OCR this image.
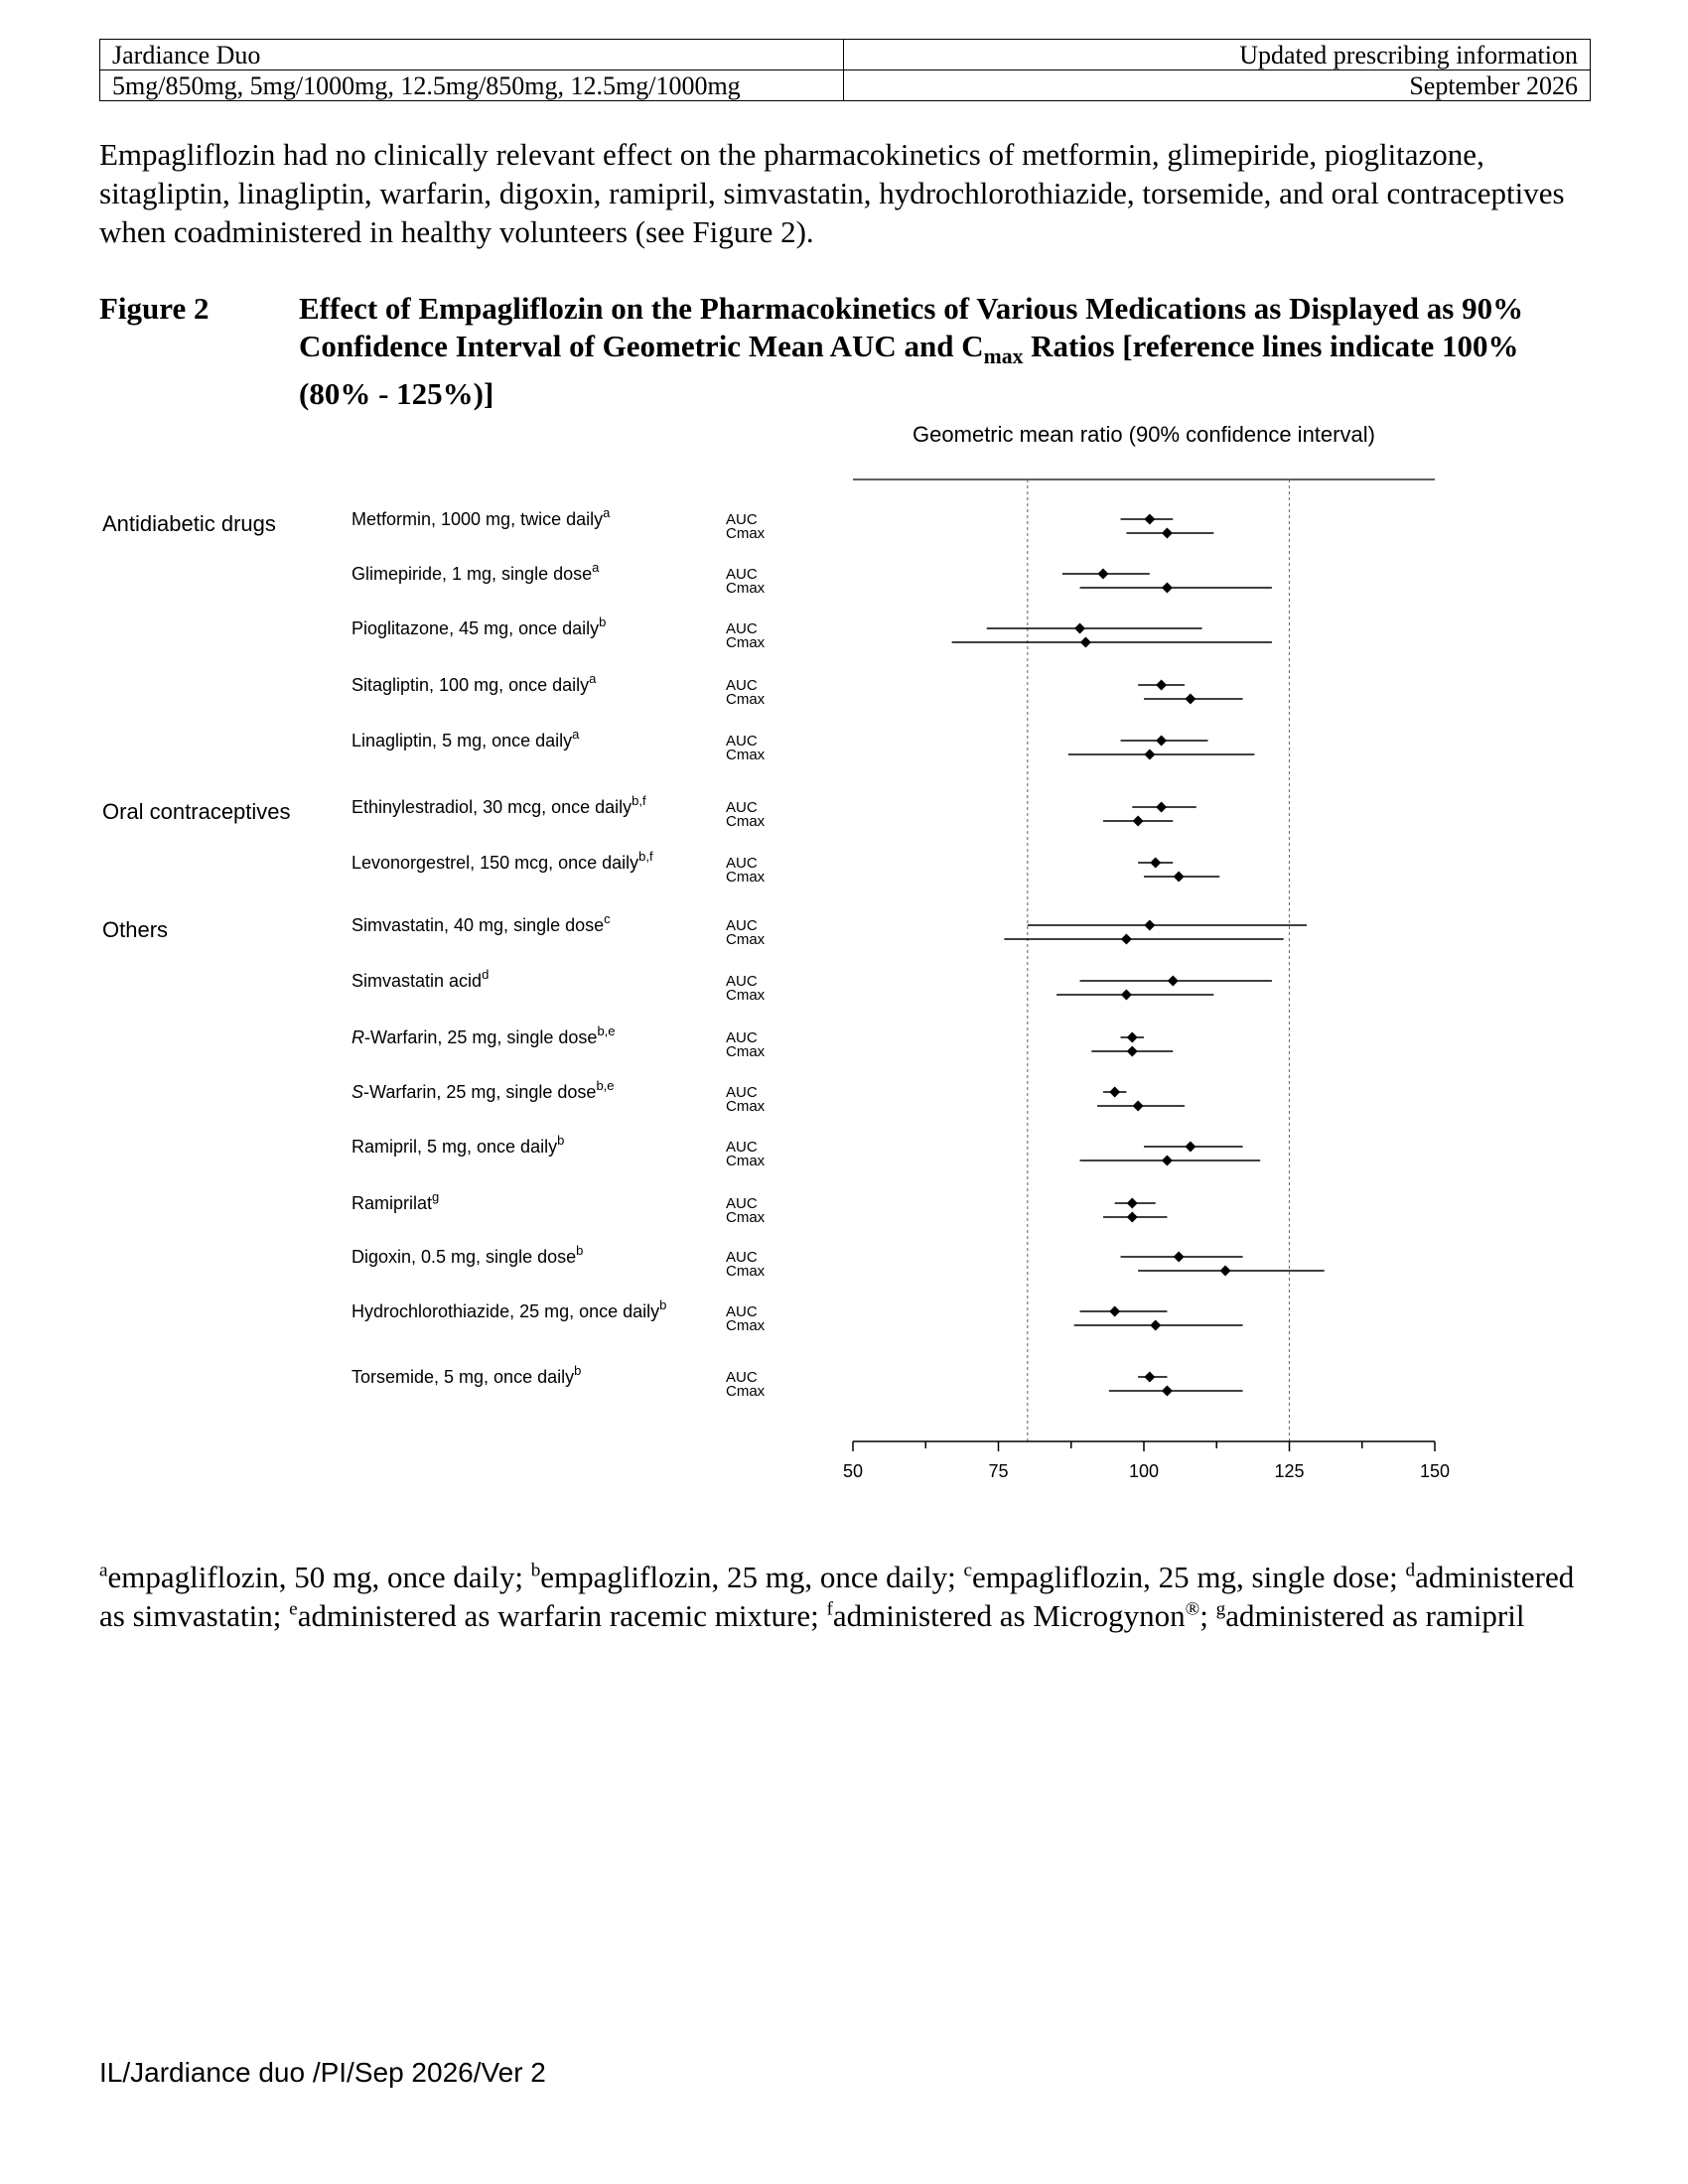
Jardiance Duo	Updated prescribing information
5mg/850mg, 5mg/1000mg, 12.5mg/850mg, 12.5mg/1000mg	September 2026

Empagliflozin had no clinically relevant effect on the pharmacokinetics of metformin, glimepiride, pioglitazone, sitagliptin, linagliptin, warfarin, digoxin, ramipril, simvastatin, hydrochlorothiazide, torsemide, and oral contraceptives when coadministered in healthy volunteers (see Figure 2).

Figure 2	Effect of Empagliflozin on the Pharmacokinetics of Various Medications as Displayed as 90% Confidence Interval of Geometric Mean AUC and $C_{max}$ Ratios [reference lines indicate 100% (80% - 125%)]

Geometric mean ratio (90% confidence interval)
50	75	100	125	150
Antidiabetic drugs	Metformin, 1000 mg, twice daily$^a$	AUC
Cmax
Glimepiride, 1 mg, single dose$^a$	AUC
Cmax
Pioglitazone, 45 mg, once daily$^b$	AUC
Cmax
Sitagliptin, 100 mg, once daily$^a$	AUC
Cmax
Linagliptin, 5 mg, once daily$^a$	AUC
Cmax
Oral contraceptives	Ethinylestradiol, 30 mcg, once daily$^{b,f}$	AUC
Cmax
Levonorgestrel, 150 mcg, once daily$^{b,f}$	AUC
Cmax
Others	Simvastatin, 40 mg, single dose$^c$	AUC
Cmax
Simvastatin acid$^d$	AUC
Cmax
R-Warfarin, 25 mg, single dose$^{b,e}$	AUC
Cmax
S-Warfarin, 25 mg, single dose$^{b,e}$	AUC
Cmax
Ramipril, 5 mg, once daily$^b$	AUC
Cmax
Ramiprilat$^g$	AUC
Cmax
Digoxin, 0.5 mg, single dose$^b$	AUC
Cmax
Hydrochlorothiazide, 25 mg, once daily$^b$	AUC
Cmax
Torsemide, 5 mg, once daily$^b$	AUC
Cmax

$^a$empagliflozin, 50 mg, once daily; $^b$empagliflozin, 25 mg, once daily; $^c$empagliflozin, 25 mg, single dose; $^d$administered as simvastatin; $^e$administered as warfarin racemic mixture; $^f$administered as Microgynon®; $^g$administered as ramipril

IL/Jardiance duo /PI/Sep 2026/Ver 2
